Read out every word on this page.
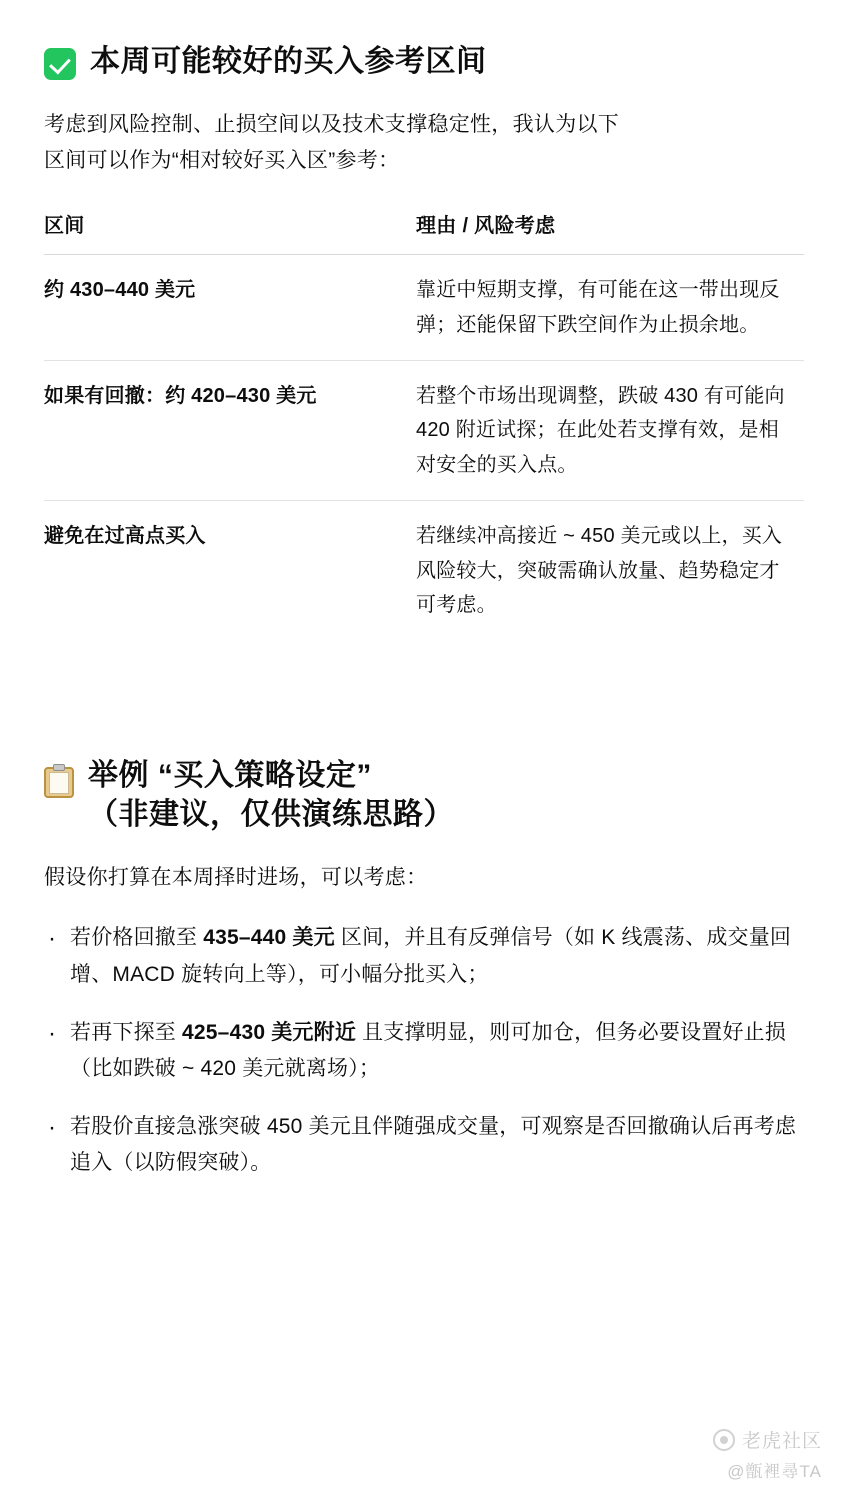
本周可能较好的买入参考区间

考虑到风险控制、止损空间以及技术支撑稳定性，我认为以下
区间可以作为“相对较好买入区”参考：

区间	理由 / 风险考虑
约 430–440 美元	靠近中短期支撑，有可能在这一带出现反弹；还能保留下跌空间作为止损余地。
如果有回撤：约 420–430 美元	若整个市场出现调整，跌破 430 有可能向 420 附近试探；在此处若支撑有效，是相对安全的买入点。
避免在过高点买入	若继续冲高接近 ~ 450 美元或以上，买入风险较大，突破需确认放量、趋势稳定才可考虑。
举例 “买入策略设定”
（非建议，仅供演练思路）

假设你打算在本周择时进场，可以考虑：

· 若价格回撤至 435–440 美元 区间，并且有反弹信号（如 K 线震荡、成交量回增、MACD 旋转向上等），可小幅分批买入；
· 若再下探至 425–430 美元附近 且支撑明显，则可加仓，但务必要设置好止损（比如跌破 ~ 420 美元就离场）；
· 若股价直接急涨突破 450 美元且伴随强成交量，可观察是否回撤确认后再考虑追入（以防假突破）。
老虎社区
@甑裡尋TA
